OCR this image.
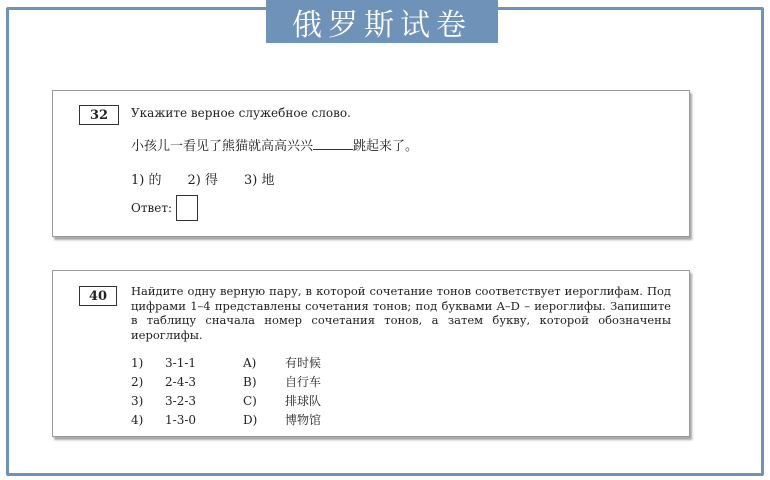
俄罗斯试卷
32	Укажите верное служебное слово.
小孩儿一看见了熊猫就高高兴兴	跳起来了。
1) 的 2) 得 3) 地
Ответ:
40	Найдите одну верную пару, в которой сочетание тонов соответствует иероглифам. Под цифрами 1–4 представлены сочетания тонов; под буквами A–D – иероглифы. Запишите в таблицу сначала номер сочетания тонов, а затем букву, которой обозначены иероглифы.
1)	3-1-1	A)	有时候
2)	2-4-3	B)	自行车
3)	3-2-3	C)	排球队
4)	1-3-0	D)	博物馆
